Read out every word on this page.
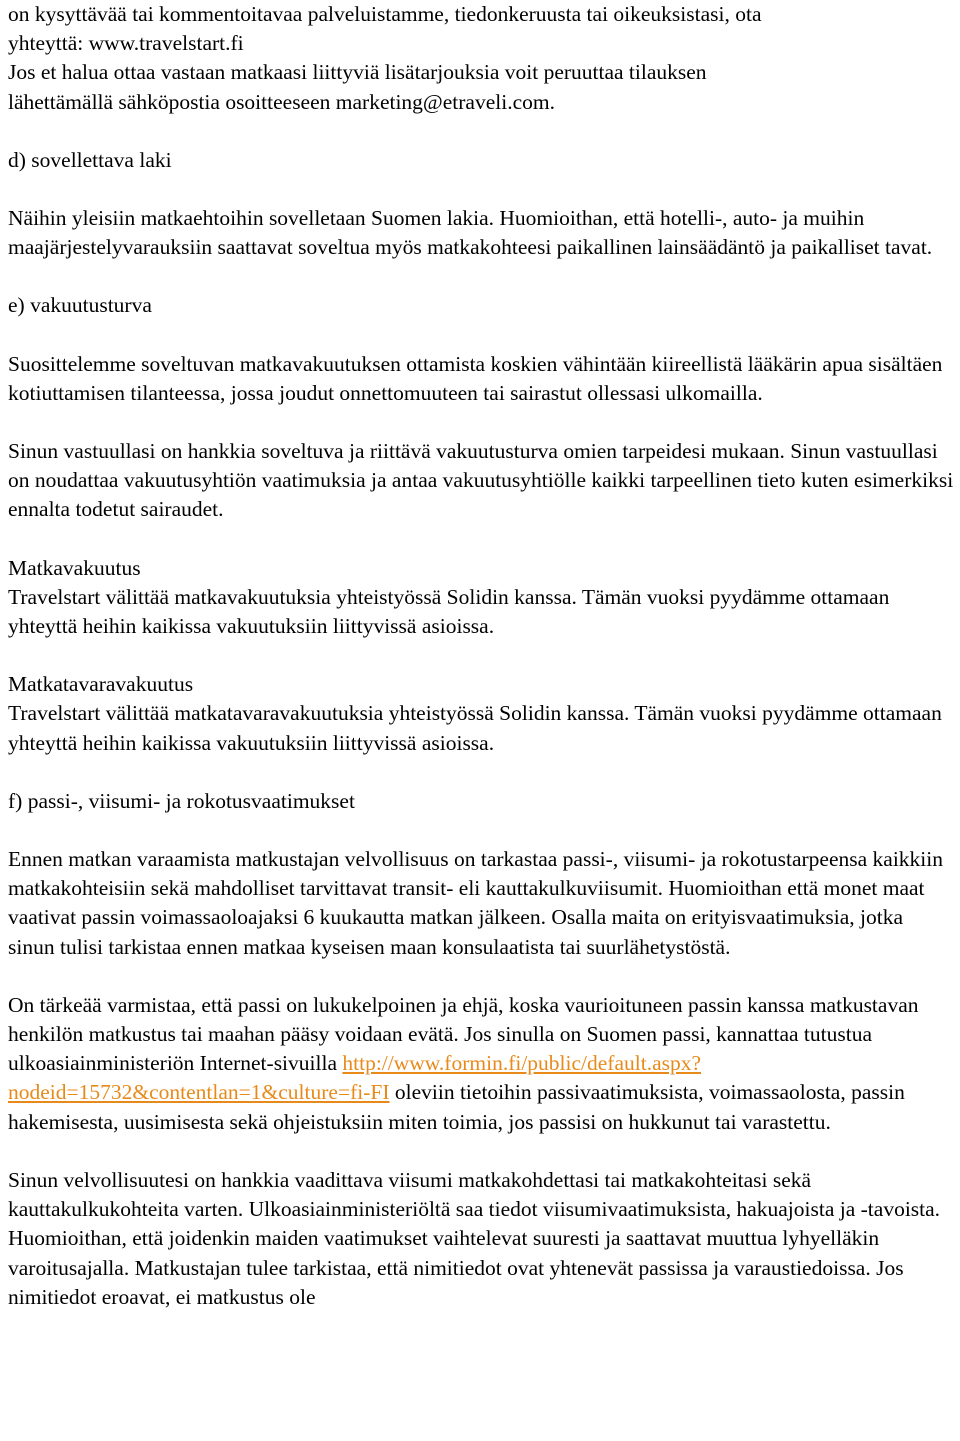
on kysyttävää tai kommentoitavaa palveluistamme, tiedonkeruusta tai oikeuksistasi, ota
yhteyttä: www.travelstart.fi
Jos et halua ottaa vastaan matkaasi liittyviä lisätarjouksia voit peruuttaa tilauksen
lähettämällä sähköpostia osoitteeseen marketing@etraveli.com.
d) sovellettava laki
Näihin yleisiin matkaehtoihin sovelletaan Suomen lakia. Huomioithan, että hotelli-, auto- ja muihin maajärjestelyvarauksiin saattavat soveltua myös matkakohteesi paikallinen lainsäädäntö ja paikalliset tavat.
e) vakuutusturva
Suosittelemme soveltuvan matkavakuutuksen ottamista koskien vähintään kiireellistä lääkärin apua sisältäen kotiuttamisen tilanteessa, jossa joudut onnettomuuteen tai sairastut ollessasi ulkomailla.
Sinun vastuullasi on hankkia soveltuva ja riittävä vakuutusturva omien tarpeidesi mukaan. Sinun vastuullasi on noudattaa vakuutusyhtiön vaatimuksia ja antaa vakuutusyhtiölle kaikki tarpeellinen tieto kuten esimerkiksi ennalta todetut sairaudet.
Matkavakuutus
Travelstart välittää matkavakuutuksia yhteistyössä Solidin kanssa. Tämän vuoksi pyydämme ottamaan yhteyttä heihin kaikissa vakuutuksiin liittyvissä asioissa.
Matkatavaravakuutus
Travelstart välittää matkatavaravakuutuksia yhteistyössä Solidin kanssa. Tämän vuoksi pyydämme ottamaan yhteyttä heihin kaikissa vakuutuksiin liittyvissä asioissa.
f) passi-, viisumi- ja rokotusvaatimukset
Ennen matkan varaamista matkustajan velvollisuus on tarkastaa passi-, viisumi- ja rokotustarpeensa kaikkiin matkakohteisiin sekä mahdolliset tarvittavat transit- eli kauttakulkuviisumit. Huomioithan että monet maat vaativat passin voimassaoloajaksi 6 kuukautta matkan jälkeen. Osalla maita on erityisvaatimuksia, jotka sinun tulisi tarkistaa ennen matkaa kyseisen maan konsulaatista tai suurlähetystöstä.
On tärkeää varmistaa, että passi on lukukelpoinen ja ehjä, koska vaurioituneen passin kanssa matkustavan henkilön matkustus tai maahan pääsy voidaan evätä. Jos sinulla on Suomen passi, kannattaa tutustua ulkoasiainministeriön Internet-sivuilla http://www.formin.fi/public/default.aspx?nodeid=15732&contentlan=1&culture=fi-FI oleviin tietoihin passivaatimuksista, voimassaolosta, passin hakemisesta, uusimisesta sekä ohjeistuksiin miten toimia, jos passisi on hukkunut tai varastettu.
Sinun velvollisuutesi on hankkia vaadittava viisumi matkakohdettasi tai matkakohteitasi sekä kauttakulkukohteita varten. Ulkoasiainministeriöltä saa tiedot viisumivaatimuksista, hakuajoista ja -tavoista. Huomioithan, että joidenkin maiden vaatimukset vaihtelevat suuresti ja saattavat muuttua lyhyelläkin varoitusajalla. Matkustajan tulee tarkistaa, että nimitiedot ovat yhtenevät passissa ja varaustiedoissa. Jos nimitiedot eroavat, ei matkustus ole
